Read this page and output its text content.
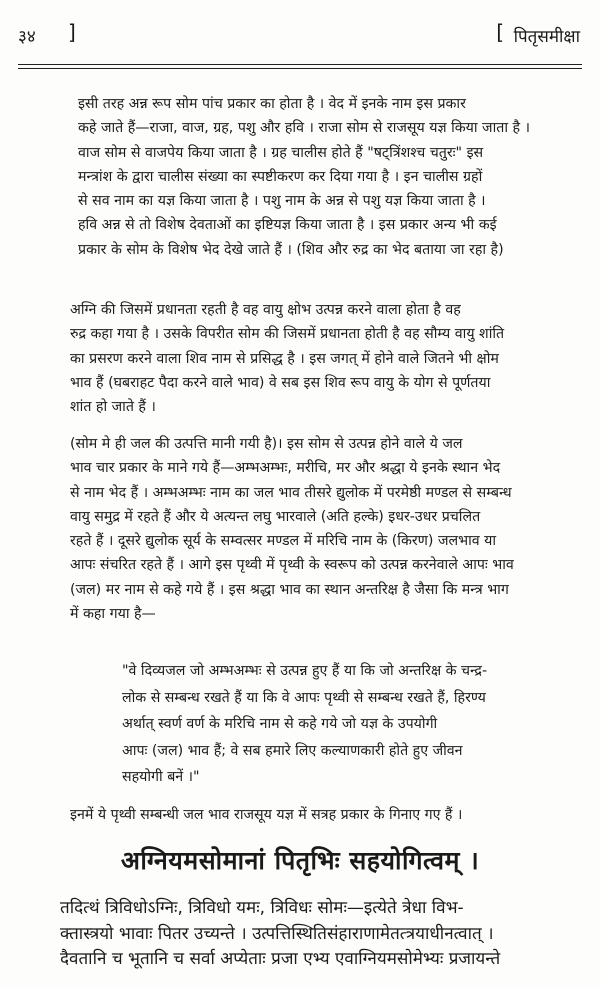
३४ ]	[ पितृसमीक्षा
इसी तरह अन्न रूप सोम पांच प्रकार का होता है । वेद में इनके नाम इस प्रकार
कहे जाते हैं—राजा, वाज, ग्रह, पशु और हवि । राजा सोम से राजसूय यज्ञ किया जाता है ।
वाज सोम से वाजपेय किया जाता है । ग्रह चालीस होते हैं "षट्त्रिंशश्च चतुरः" इस
मन्त्रांश के द्वारा चालीस संख्या का स्पष्टीकरण कर दिया गया है । इन चालीस ग्रहों
से सव नाम का यज्ञ किया जाता है । पशु नाम के अन्न से पशु यज्ञ किया जाता है ।
हवि अन्न से तो विशेष देवताओं का इष्टियज्ञ किया जाता है । इस प्रकार अन्य भी कई
प्रकार के सोम के विशेष भेद देखे जाते हैं । (शिव और रुद्र का भेद बताया जा रहा है)
अग्नि की जिसमें प्रधानता रहती है वह वायु क्षोभ उत्पन्न करने वाला होता है वह
रुद्र कहा गया है । उसके विपरीत सोम की जिसमें प्रधानता होती है वह सौम्य वायु शांति
का प्रसरण करने वाला शिव नाम से प्रसिद्ध है । इस जगत् में होने वाले जितने भी क्षोम
भाव हैं (घबराहट पैदा करने वाले भाव) वे सब इस शिव रूप वायु के योग से पूर्णतया
शांत हो जाते हैं ।
(सोम मे ही जल की उत्पत्ति मानी गयी है)। इस सोम से उत्पन्न होने वाले ये जल
भाव चार प्रकार के माने गये हैं—अम्भअम्भः, मरीचि, मर और श्रद्धा ये इनके स्थान भेद
से नाम भेद हैं । अम्भअम्भः नाम का जल भाव तीसरे द्युलोक में परमेष्ठी मण्डल से सम्बन्ध
वायु समुद्र में रहते हैं और ये अत्यन्त लघु भारवाले (अति हल्के) इधर-उधर प्रचलित
रहते हैं । दूसरे द्युलोक सूर्य के सम्वत्सर मण्डल में मरिचि नाम के (किरण) जलभाव या
आपः संचरित रहते हैं । आगे इस पृथ्वी में पृथ्वी के स्वरूप को उत्पन्न करनेवाले आपः भाव
(जल) मर नाम से कहे गये हैं । इस श्रद्धा भाव का स्थान अन्तरिक्ष है जैसा कि मन्त्र भाग
में कहा गया है—
"वे दिव्यजल जो अम्भअम्भः से उत्पन्न हुए हैं या कि जो अन्तरिक्ष के चन्द्र-
लोक से सम्बन्ध रखते हैं या कि वे आपः पृथ्वी से सम्बन्ध रखते हैं, हिरण्य
अर्थात् स्वर्ण वर्ण के मरिचि नाम से कहे गये जो यज्ञ के उपयोगी
आपः (जल) भाव हैं; वे सब हमारे लिए कल्याणकारी होते हुए जीवन
सहयोगी बनें ।"
इनमें ये पृथ्वी सम्बन्धी जल भाव राजसूय यज्ञ में सत्रह प्रकार के गिनाए गए हैं ।
अग्नियमसोमानां पितृभिः सहयोगित्वम् ।
तदित्थं त्रिविधोऽग्निः, त्रिविधो यमः, त्रिविधः सोमः—इत्येते त्रेधा विभ-
क्तास्त्रयो भावाः पितर उच्यन्ते । उत्पत्तिस्थितिसंहाराणामेतत्त्रयाधीनत्वात् ।
दैवतानि च भूतानि च सर्वा अप्येताः प्रजा एभ्य एवाग्नियमसोमेभ्यः प्रजायन्ते
